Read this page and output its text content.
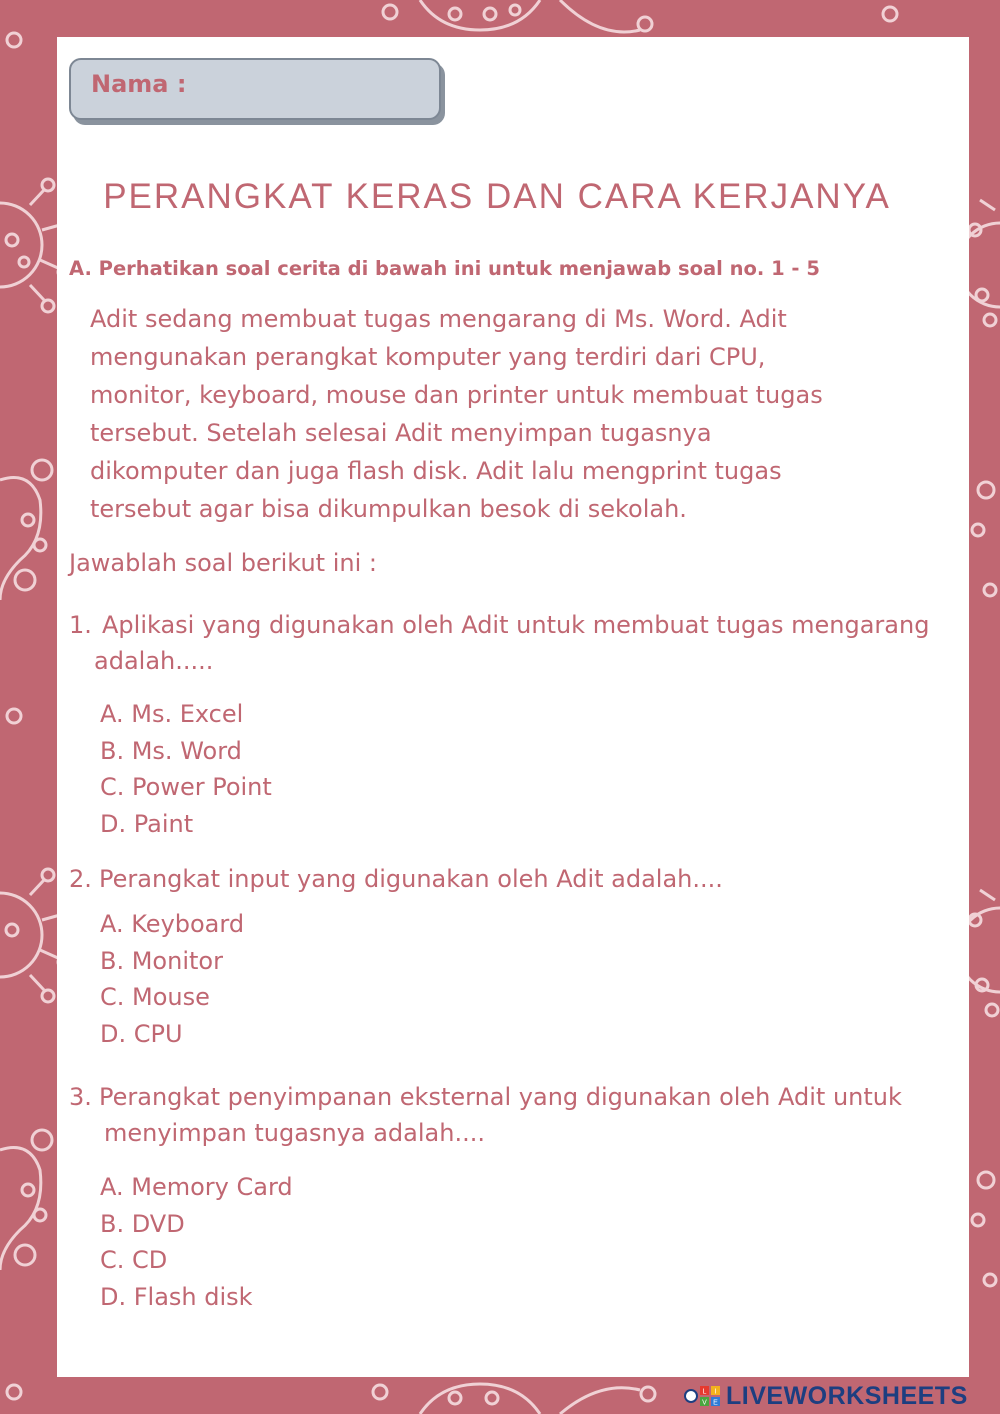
Nama :
PERANGKAT KERAS DAN CARA KERJANYA
A. Perhatikan soal cerita di bawah ini untuk menjawab soal no. 1 - 5
Adit sedang membuat tugas mengarang di Ms. Word. Adit
mengunakan perangkat komputer yang terdiri dari CPU,
monitor, keyboard, mouse dan printer untuk membuat tugas
tersebut. Setelah selesai Adit menyimpan tugasnya
dikomputer dan juga flash disk. Adit lalu mengprint tugas
tersebut agar bisa dikumpulkan besok di sekolah.
Jawablah soal berikut ini :
1. Aplikasi yang digunakan oleh Adit untuk membuat tugas mengarang
adalah.....
A. Ms. Excel
B. Ms. Word
C. Power Point
D. Paint
2. Perangkat input yang digunakan oleh Adit adalah....
A. Keyboard
B. Monitor
C. Mouse
D. CPU
3. Perangkat penyimpanan eksternal yang digunakan oleh Adit untuk
menyimpan tugasnya adalah....
A. Memory Card
B. DVD
C. CD
D. Flash disk
L I
V E LIVEWORKSHEETS
